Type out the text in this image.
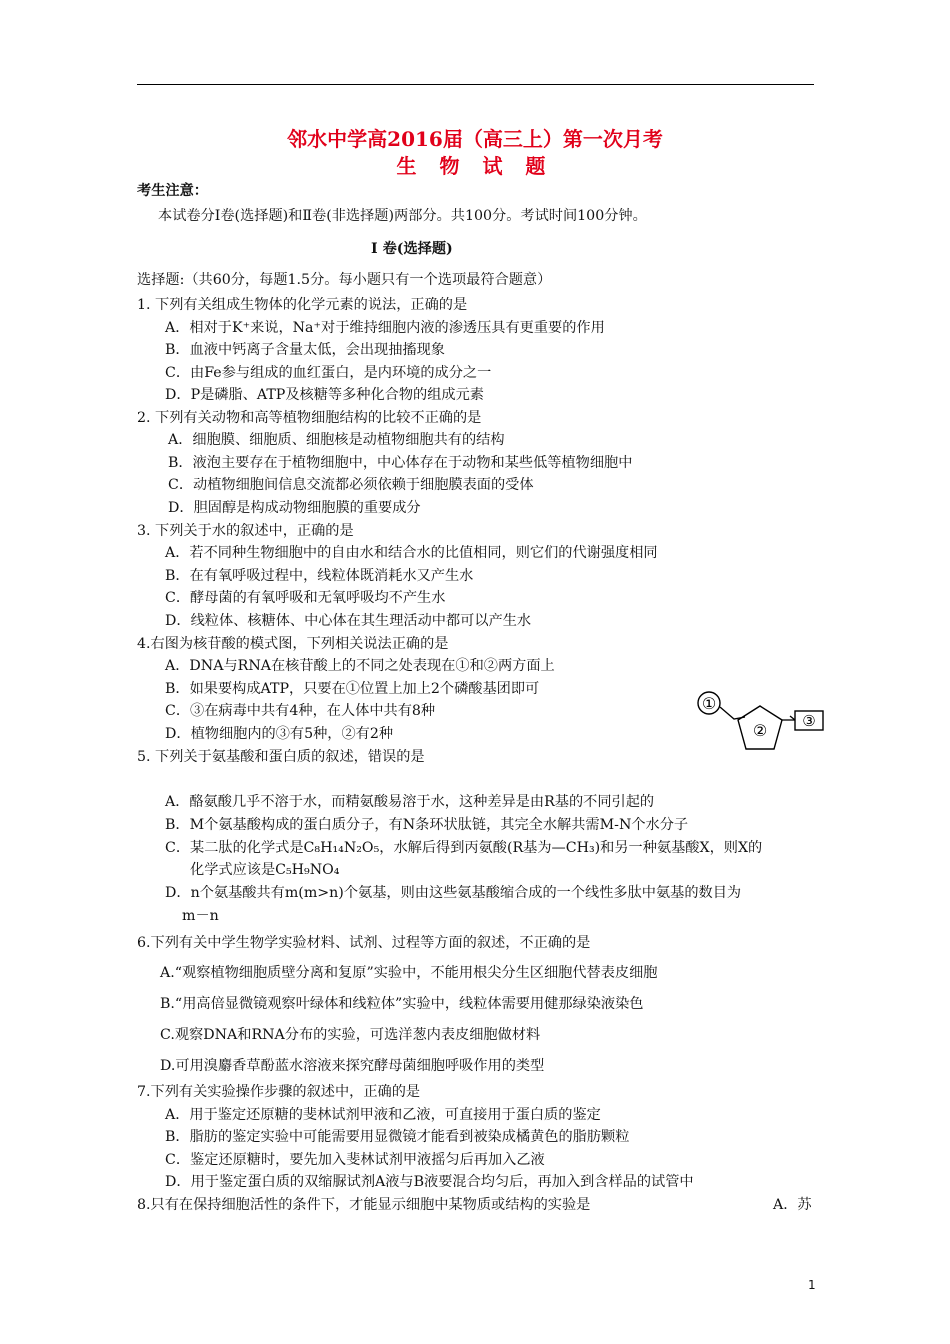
邻水中学高2016届（高三上）第一次月考
生 物 试 题
考生注意：
本试卷分Ⅰ卷(选择题)和Ⅱ卷(非选择题)两部分。共100分。考试时间100分钟。
Ⅰ 卷(选择题)
选择题:（共60分，每题1.5分。每小题只有一个选项最符合题意）
1. 下列有关组成生物体的化学元素的说法，正确的是
A．相对于K⁺来说，Na⁺对于维持细胞内液的渗透压具有更重要的作用
B．血液中钙离子含量太低，会出现抽搐现象
C．由Fe参与组成的血红蛋白，是内环境的成分之一
D．P是磷脂、ATP及核糖等多种化合物的组成元素
2. 下列有关动物和高等植物细胞结构的比较不正确的是
A．细胞膜、细胞质、细胞核是动植物细胞共有的结构
B．液泡主要存在于植物细胞中，中心体存在于动物和某些低等植物细胞中
C．动植物细胞间信息交流都必须依赖于细胞膜表面的受体
D．胆固醇是构成动物细胞膜的重要成分
3. 下列关于水的叙述中，正确的是
A．若不同种生物细胞中的自由水和结合水的比值相同，则它们的代谢强度相同
B．在有氧呼吸过程中，线粒体既消耗水又产生水
C．酵母菌的有氧呼吸和无氧呼吸均不产生水
D．线粒体、核糖体、中心体在其生理活动中都可以产生水
4.右图为核苷酸的模式图，下列相关说法正确的是
A．DNA与RNA在核苷酸上的不同之处表现在①和②两方面上
B．如果要构成ATP，只要在①位置上加上2个磷酸基团即可
C．③在病毒中共有4种，在人体中共有8种
D．植物细胞内的③有5种，②有2种
5. 下列关于氨基酸和蛋白质的叙述，错误的是
A．酪氨酸几乎不溶于水，而精氨酸易溶于水，这种差异是由R基的不同引起的
B．M个氨基酸构成的蛋白质分子，有N条环状肽链，其完全水解共需M-N个水分子
C．某二肽的化学式是C₈H₁₄N₂O₅，水解后得到丙氨酸(R基为—CH₃)和另一种氨基酸X，则X的
化学式应该是C₅H₉NO₄
D．n个氨基酸共有m(m>n)个氨基，则由这些氨基酸缩合成的一个线性多肽中氨基的数目为
m－n
6.下列有关中学生物学实验材料、试剂、过程等方面的叙述，不正确的是
A.“观察植物细胞质壁分离和复原”实验中，不能用根尖分生区细胞代替表皮细胞
B.“用高倍显微镜观察叶绿体和线粒体”实验中，线粒体需要用健那绿染液染色
C.观察DNA和RNA分布的实验，可选洋葱内表皮细胞做材料
D.可用溴麝香草酚蓝水溶液来探究酵母菌细胞呼吸作用的类型
7.下列有关实验操作步骤的叙述中，正确的是
A．用于鉴定还原糖的斐林试剂甲液和乙液，可直接用于蛋白质的鉴定
B．脂肪的鉴定实验中可能需要用显微镜才能看到被染成橘黄色的脂肪颗粒
C．鉴定还原糖时，要先加入斐林试剂甲液摇匀后再加入乙液
D．用于鉴定蛋白质的双缩脲试剂A液与B液要混合均匀后，再加入到含样品的试管中
8.只有在保持细胞活性的条件下，才能显示细胞中某物质或结构的实验是	A．苏
①
② ③
1
